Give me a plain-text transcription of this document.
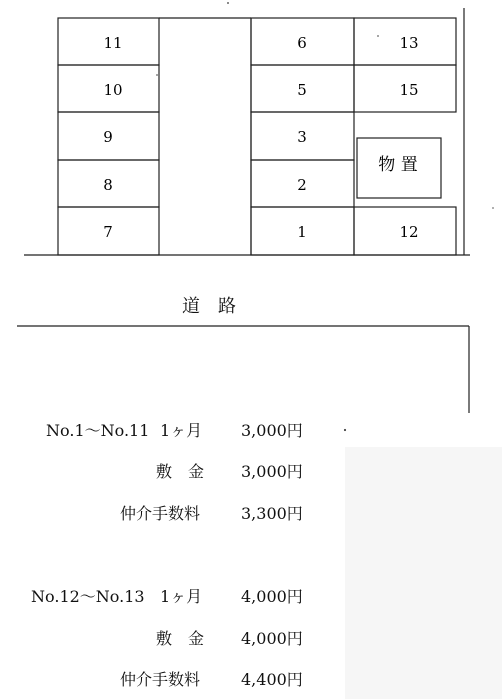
11
10
9
8
7
6
5
3
2
1
13
15
物 置
12
道路
No.1〜No.11 1ヶ月 3,000円
敷　金 3,000円
仲介手数料	3,300円
No.12〜No.13 1ヶ月 4,000円
敷　金 4,000円
仲介手数料	4,400円
